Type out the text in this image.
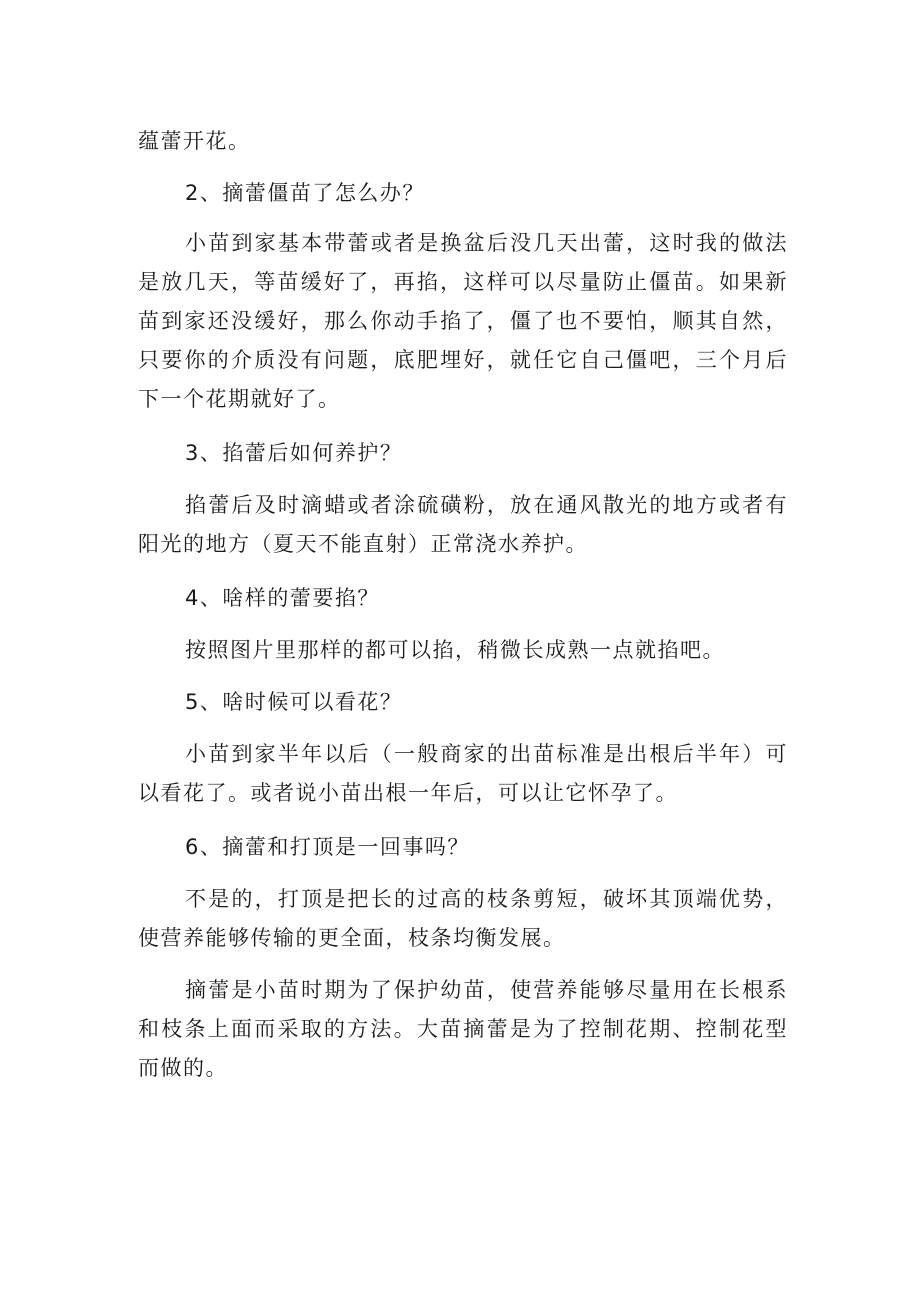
蕴蕾开花。
2、摘蕾僵苗了怎么办？
小苗到家基本带蕾或者是换盆后没几天出蕾，这时我的做法
是放几天，等苗缓好了，再掐，这样可以尽量防止僵苗。如果新
苗到家还没缓好，那么你动手掐了，僵了也不要怕，顺其自然，
只要你的介质没有问题，底肥埋好，就任它自己僵吧，三个月后
下一个花期就好了。
3、掐蕾后如何养护？
掐蕾后及时滴蜡或者涂硫磺粉，放在通风散光的地方或者有
阳光的地方（夏天不能直射）正常浇水养护。
4、啥样的蕾要掐？
按照图片里那样的都可以掐，稍微长成熟一点就掐吧。
5、啥时候可以看花？
小苗到家半年以后（一般商家的出苗标准是出根后半年）可
以看花了。或者说小苗出根一年后，可以让它怀孕了。
6、摘蕾和打顶是一回事吗？
不是的，打顶是把长的过高的枝条剪短，破坏其顶端优势，
使营养能够传输的更全面，枝条均衡发展。
摘蕾是小苗时期为了保护幼苗，使营养能够尽量用在长根系
和枝条上面而采取的方法。大苗摘蕾是为了控制花期、控制花型
而做的。
